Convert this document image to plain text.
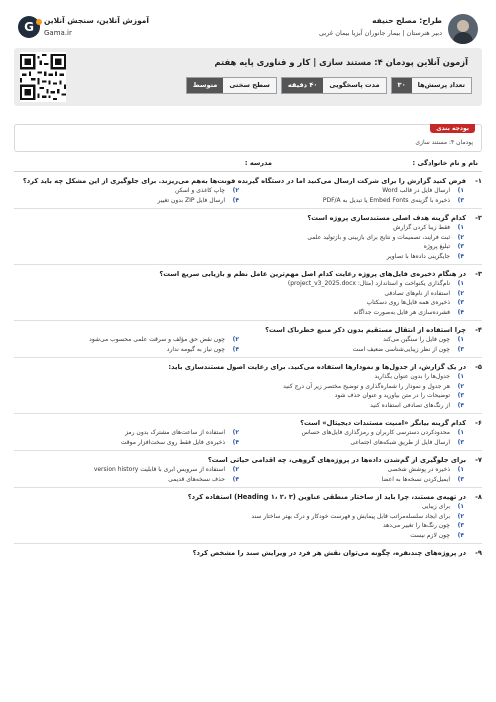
طراح: مصلح حنیفه
دبیر هنرستان | بیمار جانوران آبزیا بیمان غربی
G	آموزش آنلاین، سنجش آنلاین
Gama.ir
آزمون آنلاین پودمان ۴: مستند سازی | کار و فناوری پایه هفتم
تعداد پرسش‌ها
۳۰
مدت پاسخگویی
۴۰ دقیقه
سطح سختی
متوسط
بودجه بندی
پودمان ۴: مستند سازی
نام و نام خانوادگی :
مدرسه :
۱-
فرض کنید گزارش را برای شرکت ارسال می‌کنید اما در دستگاه گیرنده فونت‌ها به‌هم می‌ریزند. برای جلوگیری از این مشکل چه باید کرد؟
۱)
ارسال فایل در قالب Word
۲)
چاپ کاغذی و اسکن
۳)
ذخیره با گزینه‌ی Embed Fonts یا تبدیل به PDF/A
۴)
ارسال فایل ZIP بدون تغییر
۲-
کدام گزینه هدف اصلی مستندسازی پروژه است؟
۱)
فقط زیبا کردن گزارش
۲)
ثبت فرایند، تصمیمات و نتایج برای بازبینی و بازتولید علمی
۳)
تبلیغ پروژه
۴)
جایگزینی داده‌ها با تصاویر
۳-
در هنگام ذخیره‌ی فایل‌های پروژه رعایت کدام اصل مهم‌ترین عامل نظم و بازیابی سریع است؟
۱)
نام‌گذاری یکنواخت و استاندارد (مثال: project_v3_2025.docx)
۲)
استفاده از نام‌های تصادفی
۳)
ذخیره‌ی همه فایل‌ها روی دسکتاپ
۴)
فشرده‌سازی هر فایل به‌صورت جداگانه
۴-
چرا استفاده از انتقال مستقیم بدون ذکر منبع خطرناک است؟
۱)
چون فایل را سنگین می‌کند
۲)
چون نقض حق مؤلف و سرقت علمی محسوب می‌شود
۳)
چون از نظر زیبایی‌شناسی ضعیف است
۴)
چون نیاز به گیومه ندارد
۵-
در یک گزارش، از جدول‌ها و نمودارها استفاده می‌کنید. برای رعایت اصول مستندسازی باید:
۱)
جدول‌ها را بدون عنوان بگذارید
۲)
هر جدول و نمودار را شماره‌گذاری و توضیح مختصر زیر آن درج کنید
۳)
توضیحات را در متن بیاورید و عنوان حذف شود
۴)
از رنگ‌های تصادفی استفاده کنید
۶-
کدام گزینه بیانگر «امنیت مستندات دیجیتال» است؟
۱)
محدودکردن دسترسی کاربران و رمزگذاری فایل‌های حساس
۲)
استفاده از ساعت‌های مشترک بدون رمز
۳)
ارسال فایل از طریق شبکه‌های اجتماعی
۴)
ذخیره‌ی فایل فقط روی سخت‌افزار موقت
۷-
برای جلوگیری از گم‌شدن داده‌ها در پروژه‌های گروهی، چه اقدامی حیاتی است؟
۱)
ذخیره در پوشش شخصی
۲)
استفاده از سرویس ابری با قابلیت version history
۳)
ایمیل‌کردن نسخه‌ها به اعضا
۴)
حذف نسخه‌های قدیمی
۸-
در تهیه‌ی مستند، چرا باید از ساختار منطقی عناوین (Heading ۱، ۲، ۳) استفاده کرد؟
۱)
برای زیبایی
۲)
برای ایجاد سلسله‌مراتب قابل پیمایش و فهرست خودکار و درک بهتر ساختار سند
۳)
چون رنگ‌ها را تغییر می‌دهد
۴)
چون لازم نیست
۹-
در پروژه‌های چندنفره، چگونه می‌توان نقش هر فرد در ویرایش سند را مشخص کرد؟
